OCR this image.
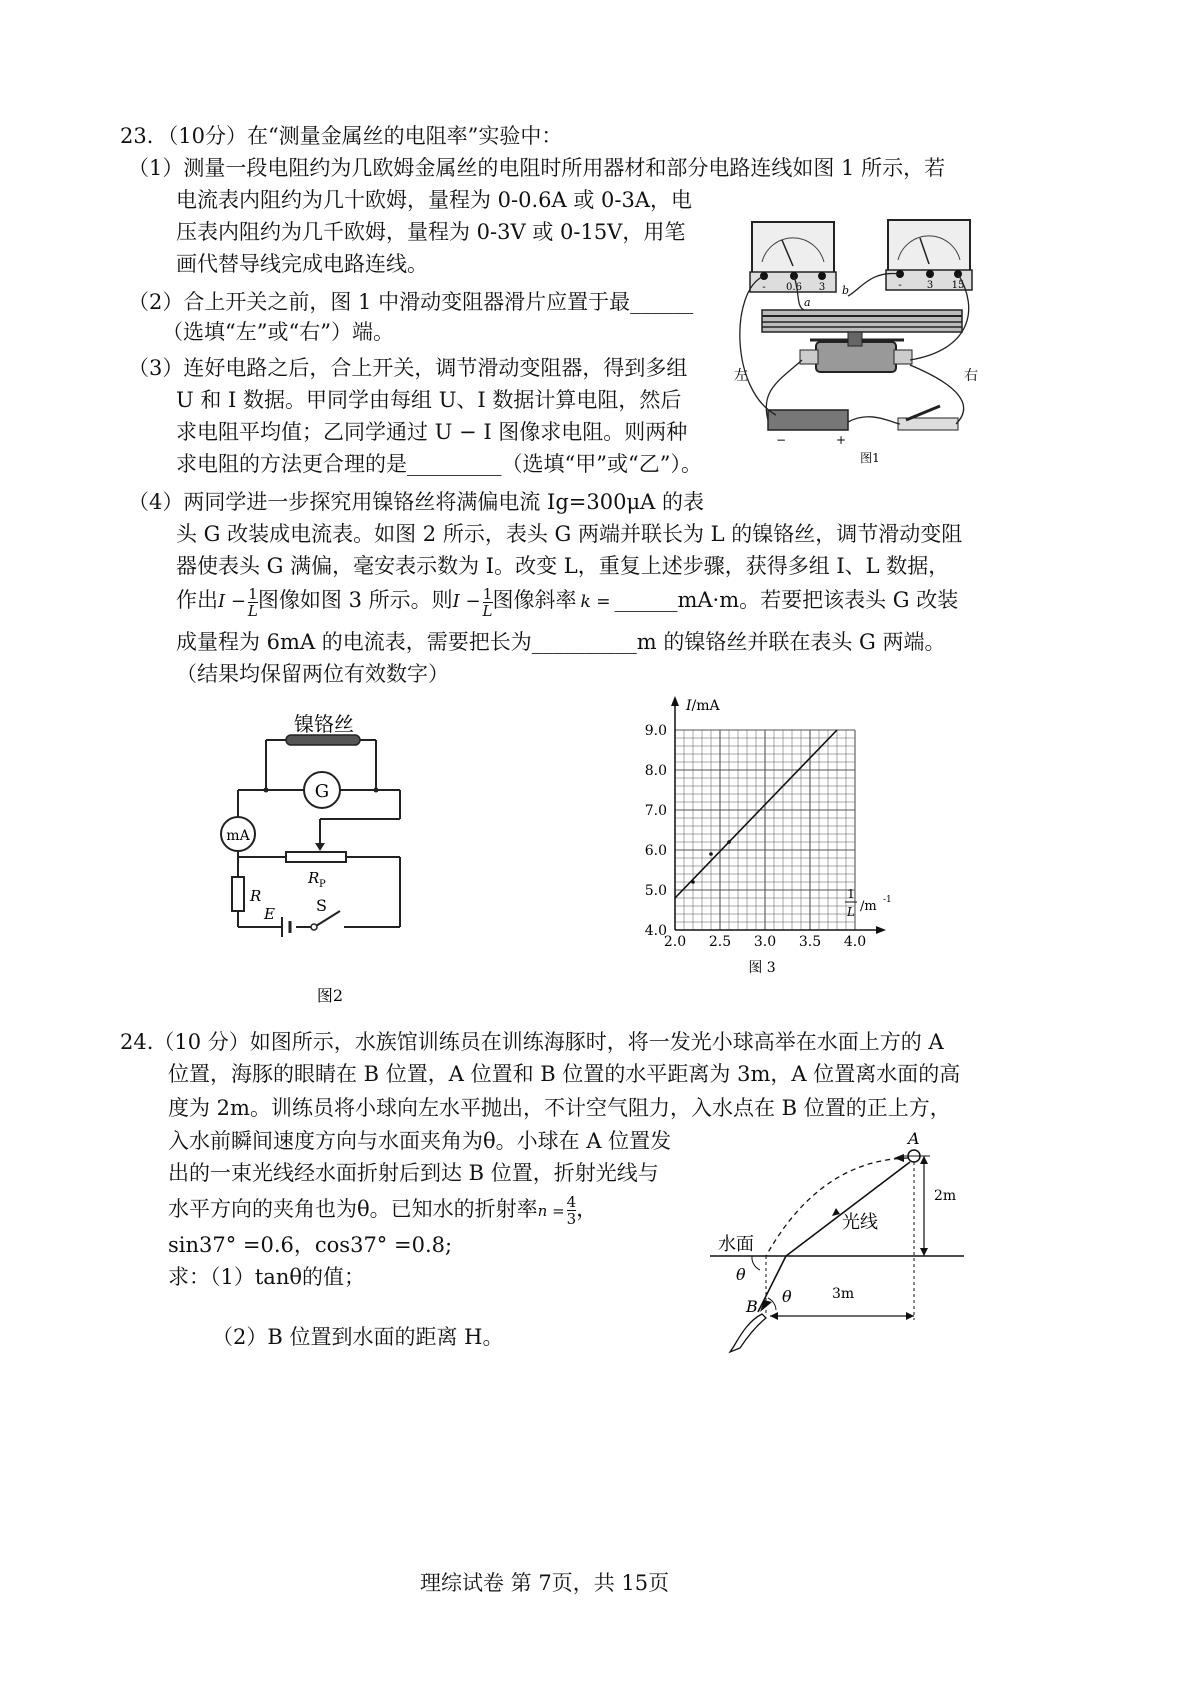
23．（10分）在“测量金属丝的电阻率”实验中：
（1）测量一段电阻约为几欧姆金属丝的电阻时所用器材和部分电路连线如图 1 所示，若
电流表内阻约为几十欧姆，量程为 0-0.6A 或 0-3A，电
压表内阻约为几千欧姆，量程为 0-3V 或 0-15V，用笔
画代替导线完成电路连线。
（2）合上开关之前，图 1 中滑动变阻器滑片应置于最______
（选填“左”或“右”）端。
（3）连好电路之后，合上开关，调节滑动变阻器，得到多组
U 和 I 数据。甲同学由每组 U、I 数据计算电阻，然后
求电阻平均值；乙同学通过 U − I 图像求电阻。则两种
求电阻的方法更合理的是_________（选填“甲”或“乙”）。
（4）两同学进一步探究用镍铬丝将满偏电流 Ig=300μA 的表
头 G 改装成电流表。如图 2 所示，表头 G 两端并联长为 L 的镍铬丝，调节滑动变阻
器使表头 G 满偏，毫安表示数为 I。改变 L，重复上述步骤，获得多组 I、L 数据，
作出$I - \frac{1}{L}$ 图像如图 3 所示。则$I - \frac{1}{L}$ 图像斜率 k = ______mA·m。若要把该表头 G 改装
成量程为 6mA 的电流表，需要把长为__________m 的镍铬丝并联在表头 G 两端。
（结果均保留两位有效数字）
- 0.6 3	-	3 15
a
b
−	+
左	右
图1
镍铬丝
G
mA
R P
R
E	S
图2
2.0 2.5 3.0 3.5 4.0
4.0
5.0
6.0
7.0
8.0
9.0
I/mA
1
L /m -1
图 3
24.（10 分）如图所示，水族馆训练员在训练海豚时，将一发光小球高举在水面上方的 A
位置，海豚的眼睛在 B 位置，A 位置和 B 位置的水平距离为 3m，A 位置离水面的高
度为 2m。训练员将小球向左水平抛出，不计空气阻力，入水点在 B 位置的正上方，
入水前瞬间速度方向与水面夹角为θ。小球在 A 位置发
出的一束光线经水面折射后到达 B 位置，折射光线与
水平方向的夹角也为θ。已知水的折射率$n = \frac{4}{3}$ ，
sin37° =0.6，cos37° =0.8;
求：（1）tanθ的值；
（2）B 位置到水面的距离 H。
水面
A
2m
光线
θ
θ
B
3m
理综试卷 第 7页，共 15页
